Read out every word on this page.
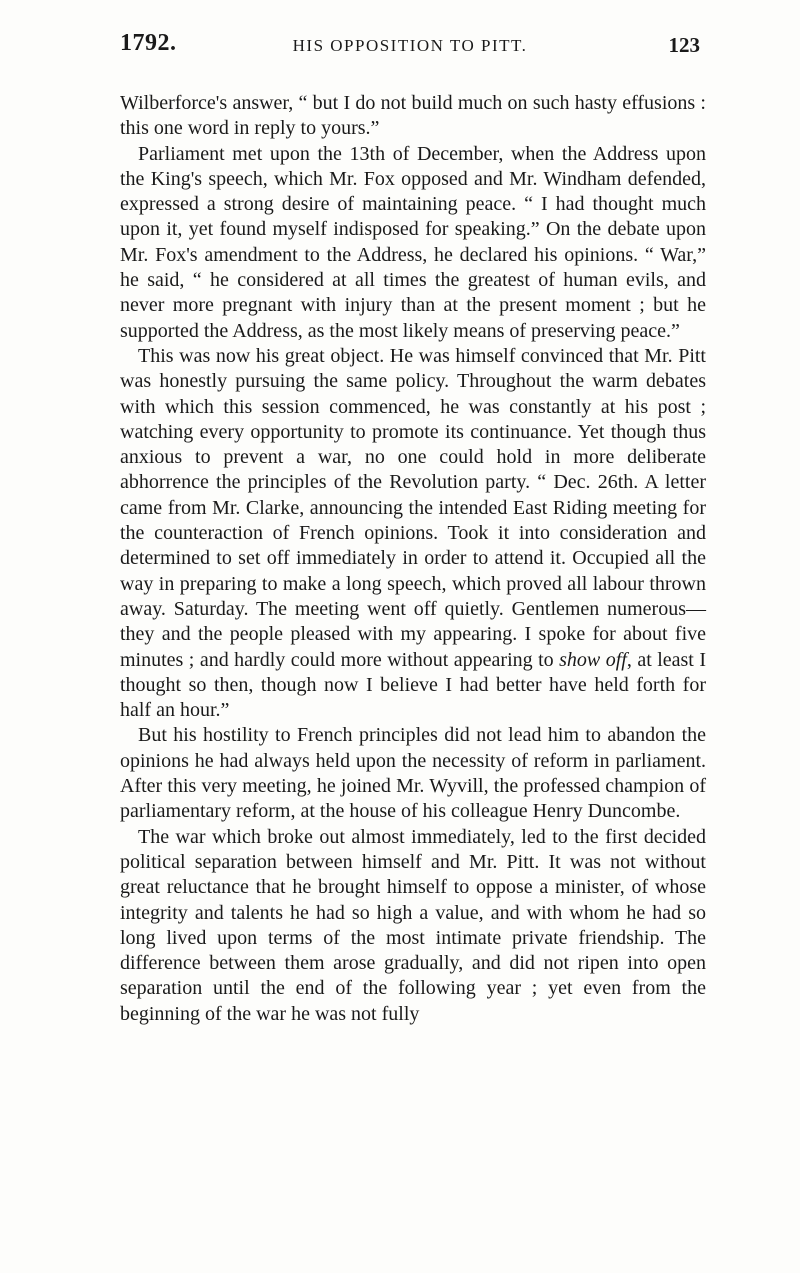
1792.	HIS OPPOSITION TO PITT.	123

Wilberforce's answer, “ but I do not build much on such hasty effusions : this one word in reply to yours.”

Parliament met upon the 13th of December, when the Address upon the King's speech, which Mr. Fox opposed and Mr. Windham defended, expressed a strong desire of maintaining peace. “ I had thought much upon it, yet found myself indisposed for speaking.” On the debate upon Mr. Fox's amendment to the Address, he declared his opinions. “ War,” he said, “ he considered at all times the greatest of human evils, and never more pregnant with injury than at the present moment ; but he supported the Address, as the most likely means of preserving peace.”

This was now his great object. He was himself convinced that Mr. Pitt was honestly pursuing the same policy. Throughout the warm debates with which this session commenced, he was constantly at his post ; watching every opportunity to promote its continuance. Yet though thus anxious to prevent a war, no one could hold in more deliberate abhorrence the principles of the Revolution party. “ Dec. 26th. A letter came from Mr. Clarke, announcing the intended East Riding meeting for the counteraction of French opinions. Took it into consideration and determined to set off immediately in order to attend it. Occupied all the way in preparing to make a long speech, which proved all labour thrown away. Saturday. The meeting went off quietly. Gentlemen numerous—they and the people pleased with my appearing. I spoke for about five minutes ; and hardly could more without appearing to show off, at least I thought so then, though now I believe I had better have held forth for half an hour.”

But his hostility to French principles did not lead him to abandon the opinions he had always held upon the necessity of reform in parliament. After this very meeting, he joined Mr. Wyvill, the professed champion of parliamentary reform, at the house of his colleague Henry Duncombe.

The war which broke out almost immediately, led to the first decided political separation between himself and Mr. Pitt. It was not without great reluctance that he brought himself to oppose a minister, of whose integrity and talents he had so high a value, and with whom he had so long lived upon terms of the most intimate private friendship. The difference between them arose gradually, and did not ripen into open separation until the end of the following year ; yet even from the beginning of the war he was not fully
